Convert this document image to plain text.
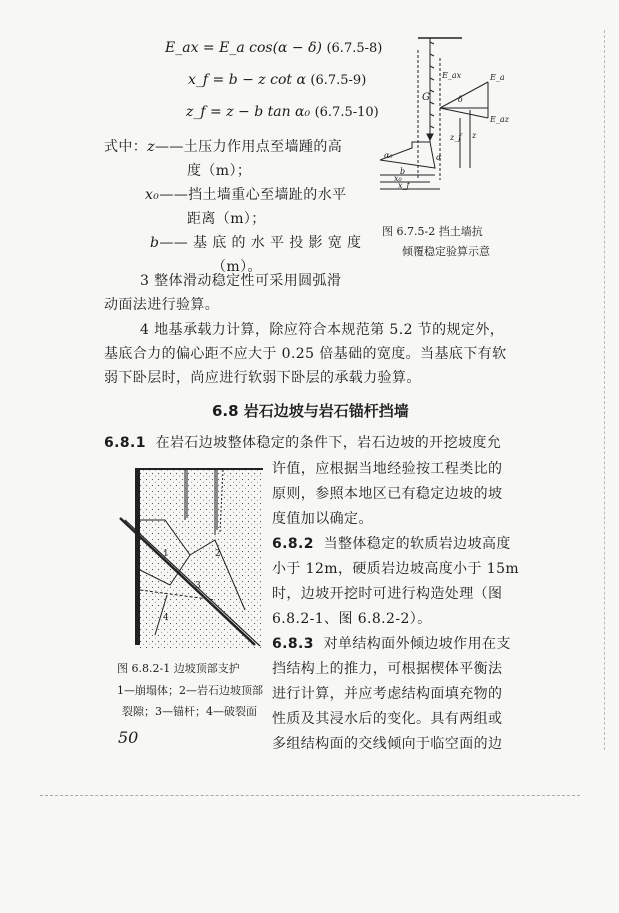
E_ax = E_a cos(α − δ) (6.7.5-8)
x_f = b − z cot α (6.7.5-9)
z_f = z − b tan α₀ (6.7.5-10)
式中：z——土压力作用点至墙踵的高
度（m）；
x₀——挡土墙重心至墙趾的水平
距离（m）；
b—— 基 底 的 水 平 投 影 宽 度
（m）。
E_ax	E_a
E_az
G	δ
α₀	α
b
x₀
x_f
z_f z
图 6.7.5-2 挡土墙抗
倾覆稳定验算示意
3 整体滑动稳定性可采用圆弧滑
动面法进行验算。
4 地基承载力计算，除应符合本规范第 5.2 节的规定外，
基底合力的偏心距不应大于 0.25 倍基础的宽度。当基底下有软
弱下卧层时，尚应进行软弱下卧层的承载力验算。
6.8 岩石边坡与岩石锚杆挡墙
6.8.1 在岩石边坡整体稳定的条件下，岩石边坡的开挖坡度允
许值，应根据当地经验按工程类比的
原则，参照本地区已有稳定边坡的坡
度值加以确定。
6.8.2 当整体稳定的软质岩边坡高度
小于 12m，硬质岩边坡高度小于 15m
时，边坡开挖时可进行构造处理（图
6.8.2-1、图 6.8.2-2）。
6.8.3 对单结构面外倾边坡作用在支
挡结构上的推力，可根据楔体平衡法
进行计算，并应考虑结构面填充物的
性质及其浸水后的变化。具有两组或
多组结构面的交线倾向于临空面的边
1	2
3
4
图 6.8.2-1 边坡顶部支护
1—崩塌体；2—岩石边坡顶部
裂隙；3—锚杆；4—破裂面
50
